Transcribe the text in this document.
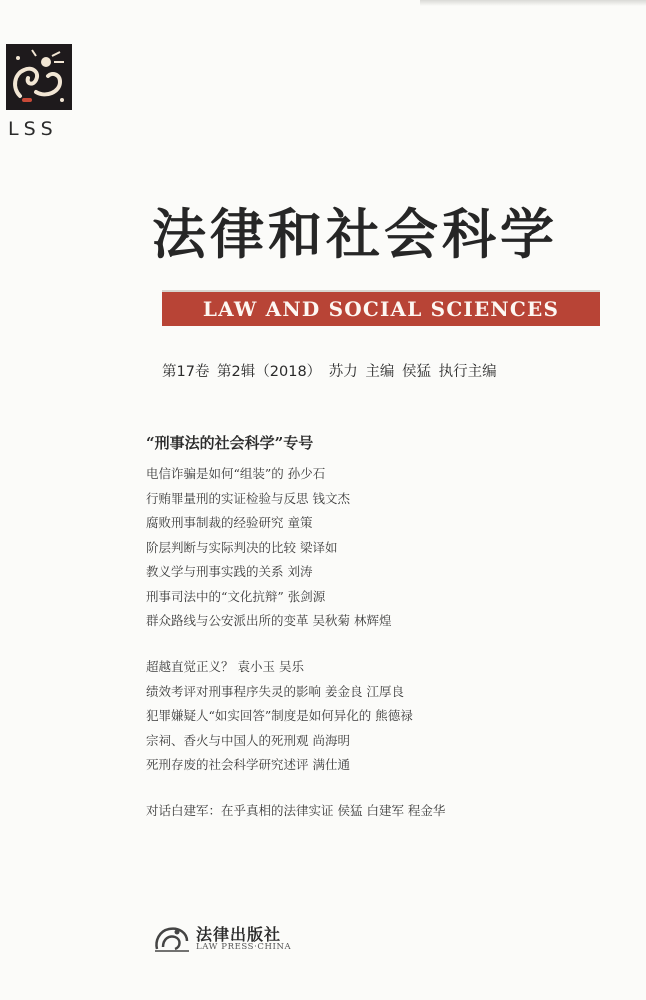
LSS
法律和社会科学
LAW AND SOCIAL SCIENCES
第17卷 第2辑（2018） 苏力 主编 侯猛 执行主编
“刑事法的社会科学”专号
电信诈骗是如何“组装”的 孙少石
行贿罪量刑的实证检验与反思 钱文杰
腐败刑事制裁的经验研究 童策
阶层判断与实际判决的比较 梁译如
教义学与刑事实践的关系 刘涛
刑事司法中的“文化抗辩” 张剑源
群众路线与公安派出所的变革 吴秋菊 林辉煌
超越直觉正义？ 袁小玉 吴乐
绩效考评对刑事程序失灵的影响 姜金良 江厚良
犯罪嫌疑人“如实回答”制度是如何异化的 熊德禄
宗祠、香火与中国人的死刑观 尚海明
死刑存废的社会科学研究述评 满仕通
对话白建军：在乎真相的法律实证 侯猛 白建军 程金华
法律出版社
LAW PRESS·CHINA
